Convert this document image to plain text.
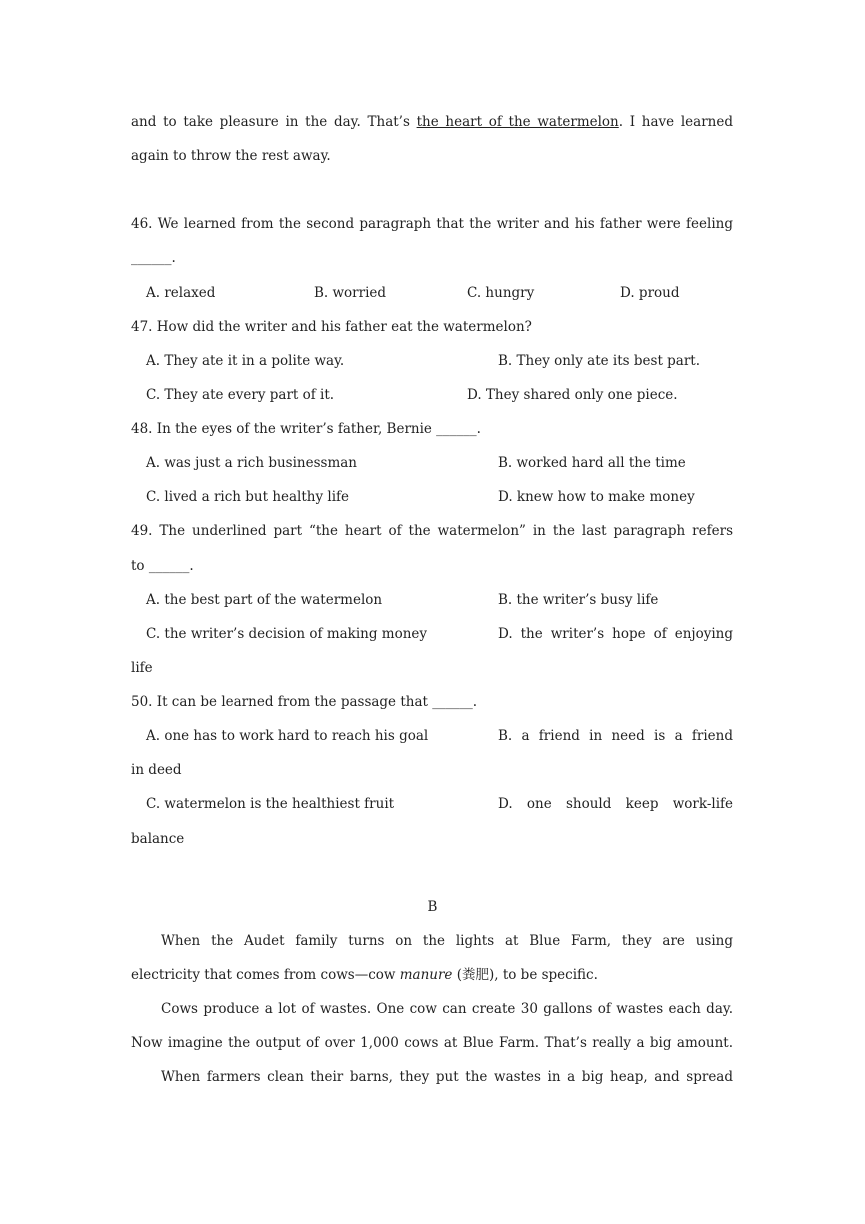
and to take pleasure in the day. That’s the heart of the watermelon. I have learned
again to throw the rest away.
46. We learned from the second paragraph that the writer and his father were feeling
______.
A. relaxed	B. worried	C. hungry	D. proud
47. How did the writer and his father eat the watermelon?
A. They ate it in a polite way.	B. They only ate its best part.
C. They ate every part of it.	D. They shared only one piece.
48. In the eyes of the writer’s father, Bernie ______.
A. was just a rich businessman	B. worked hard all the time
C. lived a rich but healthy life	D. knew how to make money
49. The underlined part “the heart of the watermelon” in the last paragraph refers
to ______.
A. the best part of the watermelon	B. the writer’s busy life
C. the writer’s decision of making money	D. the writer’s hope of enjoying
life
50. It can be learned from the passage that ______.
A. one has to work hard to reach his goal	B. a friend in need is a friend
in deed
C. watermelon is the healthiest fruit	D. one should keep work-life
balance
B
When the Audet family turns on the lights at Blue Farm, they are using
electricity that comes from cows—cow manure (粪肥), to be specific.
Cows produce a lot of wastes. One cow can create 30 gallons of wastes each day.
Now imagine the output of over 1,000 cows at Blue Farm. That’s really a big amount.
When farmers clean their barns, they put the wastes in a big heap, and spread
